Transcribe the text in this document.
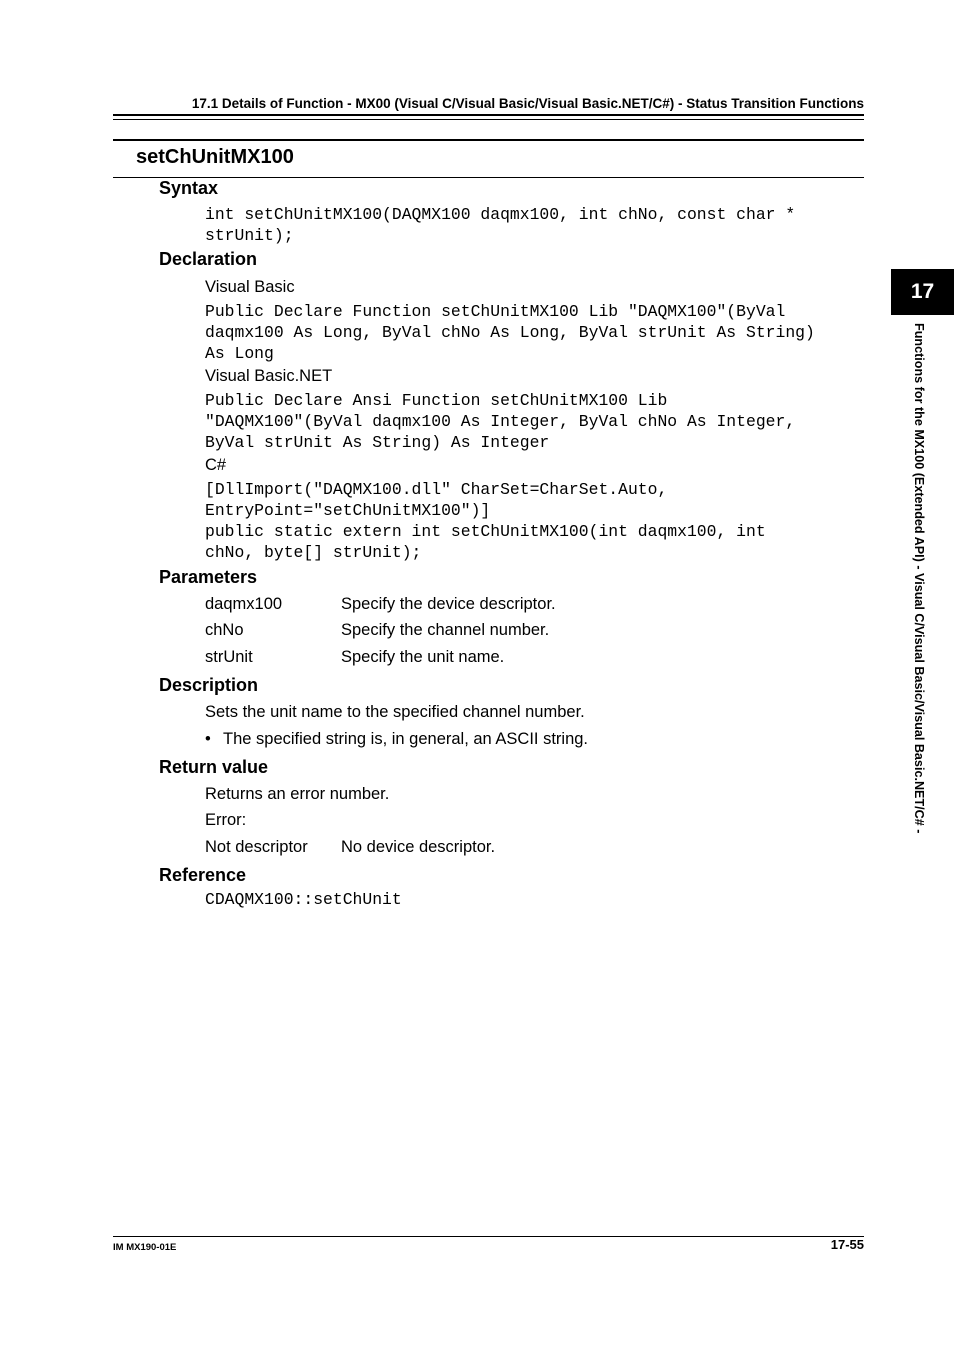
17.1 Details of Function - MX00 (Visual C/Visual Basic/Visual Basic.NET/C#) - Status Transition Functions
setChUnitMX100
Syntax
int setChUnitMX100(DAQMX100 daqmx100, int chNo, const char *
strUnit);
Declaration
Visual Basic
Public Declare Function setChUnitMX100 Lib "DAQMX100"(ByVal
daqmx100 As Long, ByVal chNo As Long, ByVal strUnit As String)
As Long
Visual Basic.NET
Public Declare Ansi Function setChUnitMX100 Lib
"DAQMX100"(ByVal daqmx100 As Integer, ByVal chNo As Integer,
ByVal strUnit As String) As Integer
C#
[DllImport("DAQMX100.dll" CharSet=CharSet.Auto,
EntryPoint="setChUnitMX100")]
public static extern int setChUnitMX100(int daqmx100, int
chNo, byte[] strUnit);
Parameters
daqmx100	Specify the device descriptor.
chNo	Specify the channel number.
strUnit	Specify the unit name.
Description
Sets the unit name to the specified channel number.
• The specified string is, in general, an ASCII string.
Return value
Returns an error number.
Error:
Not descriptor No device descriptor.
Reference
CDAQMX100::setChUnit
17
Functions for the MX100 (Extended API) - Visual C/Visual Basic/Visual Basic.NET/C# -
IM MX190-01E	17-55
